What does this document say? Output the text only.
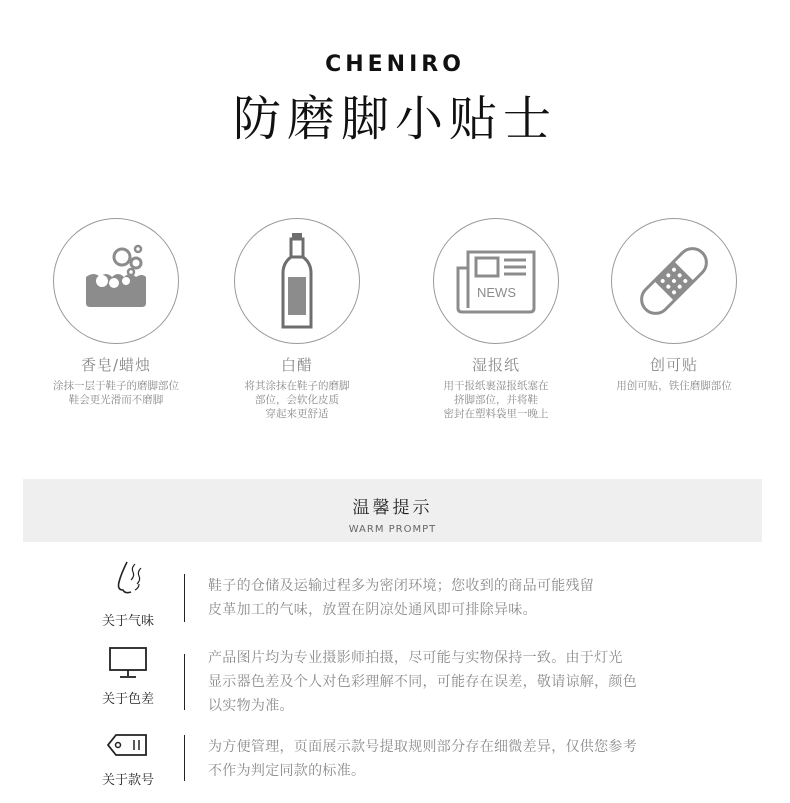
CHENIRO
防磨脚小贴士
香皂/蜡烛
涂抹一层于鞋子的磨脚部位
鞋会更光滑而不磨脚
白醋
将其涂抹在鞋子的磨脚
部位，会软化皮质
穿起来更舒适
NEWS
湿报纸
用干报纸裹湿报纸塞在
挤脚部位，并将鞋
密封在塑料袋里一晚上
创可贴
用创可贴，铁住磨脚部位
温馨提示
WARM PROMPT
关于气味
鞋子的仓储及运输过程多为密闭环境；您收到的商品可能残留
皮革加工的气味，放置在阴凉处通风即可排除异味。
关于色差
产品图片均为专业摄影师拍摄，尽可能与实物保持一致。由于灯光
显示器色差及个人对色彩理解不同，可能存在误差，敬请谅解，颜色
以实物为准。
关于款号
为方便管理，页面展示款号提取规则部分存在细微差异，仅供您参考
不作为判定同款的标准。
